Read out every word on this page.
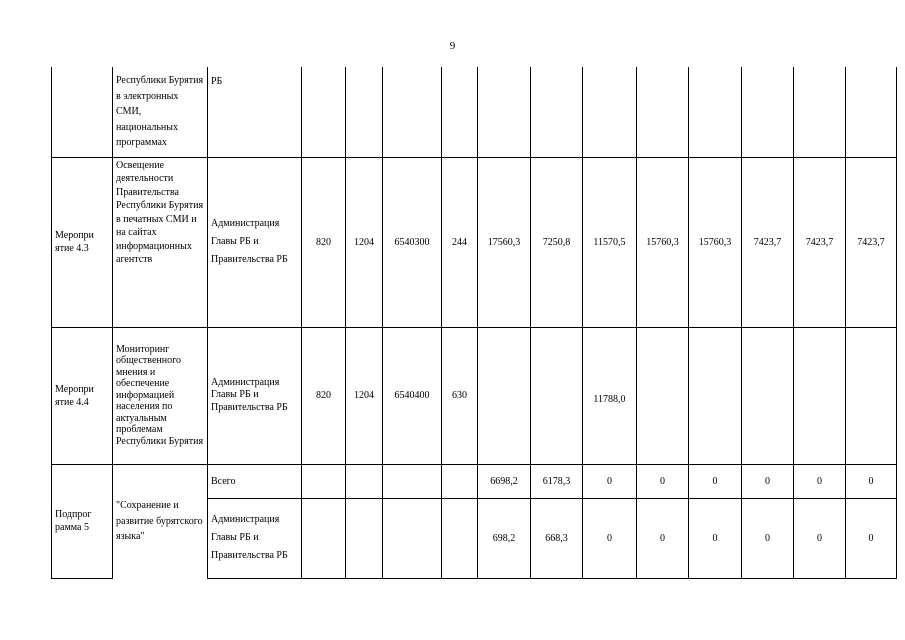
9
	Республики Бурятия в электронных СМИ, национальных программах	РБ												
Меропри ятие 4.3	Освещение деятельности Правительства Республики Бурятия в печатных СМИ и на сайтах информационных агентств	Администрация Главы РБ и Правительства РБ	820	1204	6540300	244	17560,3	7250,8	11570,5	15760,3	15760,3	7423,7	7423,7	7423,7
Меропри ятие 4.4	Мониторинг общественного мнения и обеспечение информацией населения по актуальным проблемам Республики Бурятия	Администрация Главы РБ и Правительства РБ	820	1204	6540400	630			11788,0					
Подпрог рамма 5	"Сохранение и развитие бурятского языка"	Всего					6698,2	6178,3	0	0	0	0	0	0
		Администрация Главы РБ и Правительства РБ					698,2	668,3	0	0	0	0	0	0
